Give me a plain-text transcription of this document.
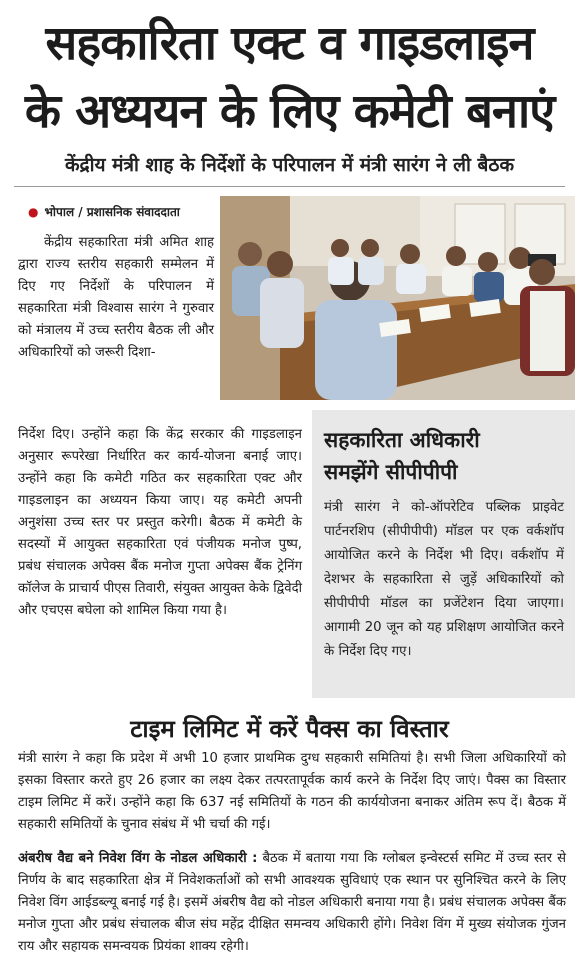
सहकारिता एक्ट व गाइडलाइन
के अध्ययन के लिए कमेटी बनाएं
केंद्रीय मंत्री शाह के निर्देशों के परिपालन में मंत्री सारंग ने ली बैठक
● भोपाल / प्रशासनिक संवाददाता
केंद्रीय सहकारिता मंत्री अमित शाह द्वारा राज्य स्तरीय सहकारी सम्मेलन में दिए गए निर्देशों के परिपालन में सहकारिता मंत्री विश्वास सारंग ने गुरुवार को मंत्रालय में उच्च स्तरीय बैठक ली और अधिकारियों को जरूरी दिशा-
निर्देश दिए। उन्होंने कहा कि केंद्र सरकार की गाइडलाइन अनुसार रूपरेखा निर्धारित कर कार्य-योजना बनाई जाए। उन्होंने कहा कि कमेटी गठित कर सहकारिता एक्ट और गाइडलाइन का अध्ययन किया जाए। यह कमेटी अपनी अनुशंसा उच्च स्तर पर प्रस्तुत करेगी। बैठक में कमेटी के सदस्यों में आयुक्त सहकारिता एवं पंजीयक मनोज पुष्प, प्रबंध संचालक अपेक्स बैंक मनोज गुप्ता अपेक्स बैंक ट्रेनिंग कॉलेज के प्राचार्य पीएस तिवारी, संयुक्त आयुक्त केके द्विवेदी और एचएस बघेला को शामिल किया गया है।
सहकारिता अधिकारी
समझेंगे सीपीपीपी

मंत्री सारंग ने को-ऑपरेटिव पब्लिक प्राइवेट पार्टनरशिप (सीपीपीपी) मॉडल पर एक वर्कशॉप आयोजित करने के निर्देश भी दिए। वर्कशॉप में देशभर के सहकारिता से जुड़ें अधिकारियों को सीपीपीपी मॉडल का प्रजेंटेशन दिया जाएगा। आगामी 20 जून को यह प्रशिक्षण आयोजित करने के निर्देश दिए गए।

टाइम लिमिट में करें पैक्स का विस्तार
मंत्री सारंग ने कहा कि प्रदेश में अभी 10 हजार प्राथमिक दुग्ध सहकारी समितियां है। सभी जिला अधिकारियों को इसका विस्तार करते हुए 26 हजार का लक्ष्य देकर तत्परतापूर्वक कार्य करने के निर्देश दिए जाएं। पैक्स का विस्तार टाइम लिमिट में करें। उन्होंने कहा कि 637 नई समितियों के गठन की कार्ययोजना बनाकर अंतिम रूप दें। बैठक में सहकारी समितियों के चुनाव संबंध में भी चर्चा की गई।
अंबरीष वैद्य बने निवेश विंग के नोडल अधिकारी : बैठक में बताया गया कि ग्लोबल इन्वेस्टर्स समिट में उच्च स्तर से निर्णय के बाद सहकारिता क्षेत्र में निवेशकर्ताओं को सभी आवश्यक सुविधाएं एक स्थान पर सुनिश्चित करने के लिए निवेश विंग आईडब्ल्यू बनाई गई है। इसमें अंबरीष वैद्य को नोडल अधिकारी बनाया गया है। प्रबंध संचालक अपेक्स बैंक मनोज गुप्ता और प्रबंध संचालक बीज संघ महेंद्र दीक्षित समन्वय अधिकारी होंगे। निवेश विंग में मुख्य संयोजक गुंजन राय और सहायक समन्वयक प्रियंका शाक्य रहेगी।
